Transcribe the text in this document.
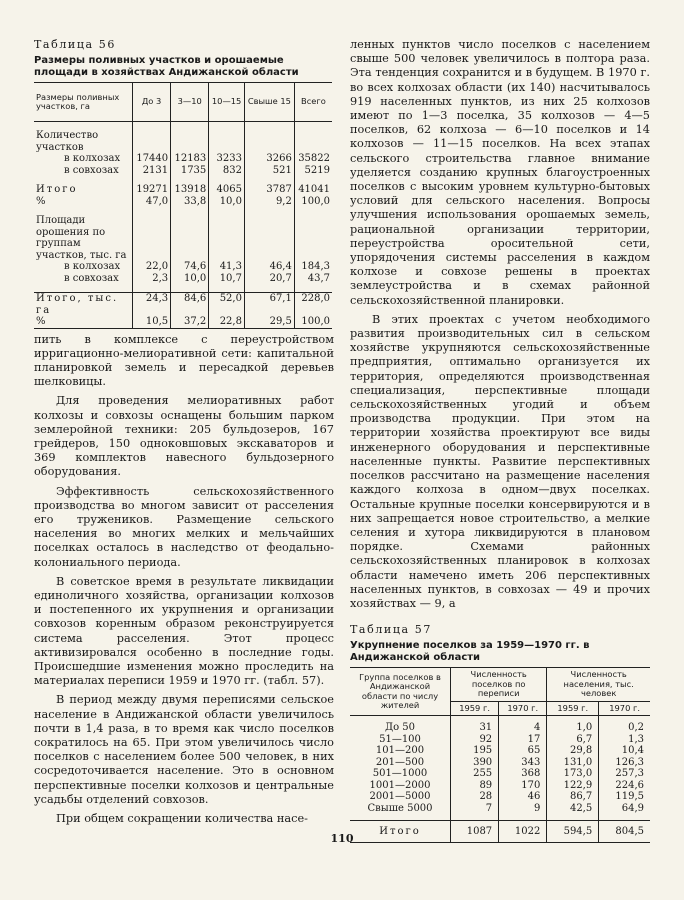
Таблица 56
Размеры поливных участков и орошаемые площади в хозяйствах Андижанской области
Размеры поливных участков, га	До 3	3—10	10—15	Свыше 15	Всего

Количество участков					
в колхозах	17440	12183	3233	3266	35822
в совхозах	2131	1735	832	521	5219

Итого	19271	13918	4065	3787	41041
%	47,0	33,8	10,0	9,2	100,0

Площади орошения по группам участков, тыс. га					
в колхозах	22,0	74,6	41,3	46,4	184,3
в совхозах	2,3	10,0	10,7	20,7	43,7

Итого, тыс. га	24,3	84,6	52,0	67,1	228,0
%	10,5	37,2	22,8	29,5	100,0

пить в комплексе с переустройством ирригационно-мелиоративной сети: капитальной планировкой земель и пересадкой деревьев шелковицы.

Для проведения мелиоративных работ колхозы и совхозы оснащены большим парком землеройной техники: 205 бульдозеров, 167 грейдеров, 150 одноковшовых экскаваторов и 369 комплектов навесного бульдозерного оборудования.

Эффективность сельскохозяйственного производства во многом зависит от расселения его тружеников. Размещение сельского населения во многих мелких и мельчайших поселках осталось в наследство от феодально-колониального периода.

В советское время в результате ликвидации единоличного хозяйства, организации колхозов и постепенного их укрупнения и организации совхозов коренным образом реконструируется система расселения. Этот процесс активизировался особенно в последние годы. Происшедшие изменения можно проследить на материалах переписи 1959 и 1970 гг. (табл. 57).

В период между двумя переписями сельское население в Андижанской области увеличилось почти в 1,4 раза, в то время как число поселков сократилось на 65. При этом увеличилось число поселков с населением более 500 человек, в них сосредоточивается население. Это в основном перспективные поселки колхозов и центральные усадьбы отделений совхозов.

При общем сокращении количества насе-

ленных пунктов число поселков с населением свыше 500 человек увеличилось в полтора раза. Эта тенденция сохранится и в будущем. В 1970 г. во всех колхозах области (их 140) насчитывалось 919 населенных пунктов, из них 25 колхозов имеют по 1—3 поселка, 35 колхозов — 4—5 поселков, 62 колхоза — 6—10 поселков и 14 колхозов — 11—15 поселков. На всех этапах сельского строительства главное внимание уделяется созданию крупных благоустроенных поселков с высоким уровнем культурно-бытовых условий для сельского населения. Вопросы улучшения использования орошаемых земель, рациональной организации территории, переустройства оросительной сети, упорядочения системы расселения в каждом колхозе и совхозе решены в проектах землеустройства и в схемах районной сельскохозяйственной планировки.

В этих проектах с учетом необходимого развития производительных сил в сельском хозяйстве укрупняются сельскохозяйственные предприятия, оптимально организуется их территория, определяются производственная специализация, перспективные площади сельскохозяйственных угодий и объем производства продукции. При этом на территории хозяйства проектируют все виды инженерного оборудования и перспективные населенные пункты. Развитие перспективных поселков рассчитано на размещение населения каждого колхоза в одном—двух поселках. Остальные крупные поселки консервируются и в них запрещается новое строительство, а мелкие селения и хутора ликвидируются в плановом порядке. Схемами районных сельскохозяйственных планировок в колхозах области намечено иметь 206 перспективных населенных пунктов, в совхозах — 49 и прочих хозяйствах — 9, а

Таблица 57
Укрупнение поселков за 1959—1970 гг. в Андижанской области
Группа поселков в Андижанской области по числу жителей	Численность поселков по переписи		Численность населения, тыс. человек	
	1959 г.	1970 г.	1959 г.	1970 г.

До 50	31	4	1,0	0,2
51—100	92	17	6,7	1,3
101—200	195	65	29,8	10,4
201—500	390	343	131,0	126,3
501—1000	255	368	173,0	257,3
1001—2000	89	170	122,9	224,6
2001—5000	28	46	86,7	119,5
Свыше 5000	7	9	42,5	64,9

Итого	1087	1022	594,5	804,5
110
